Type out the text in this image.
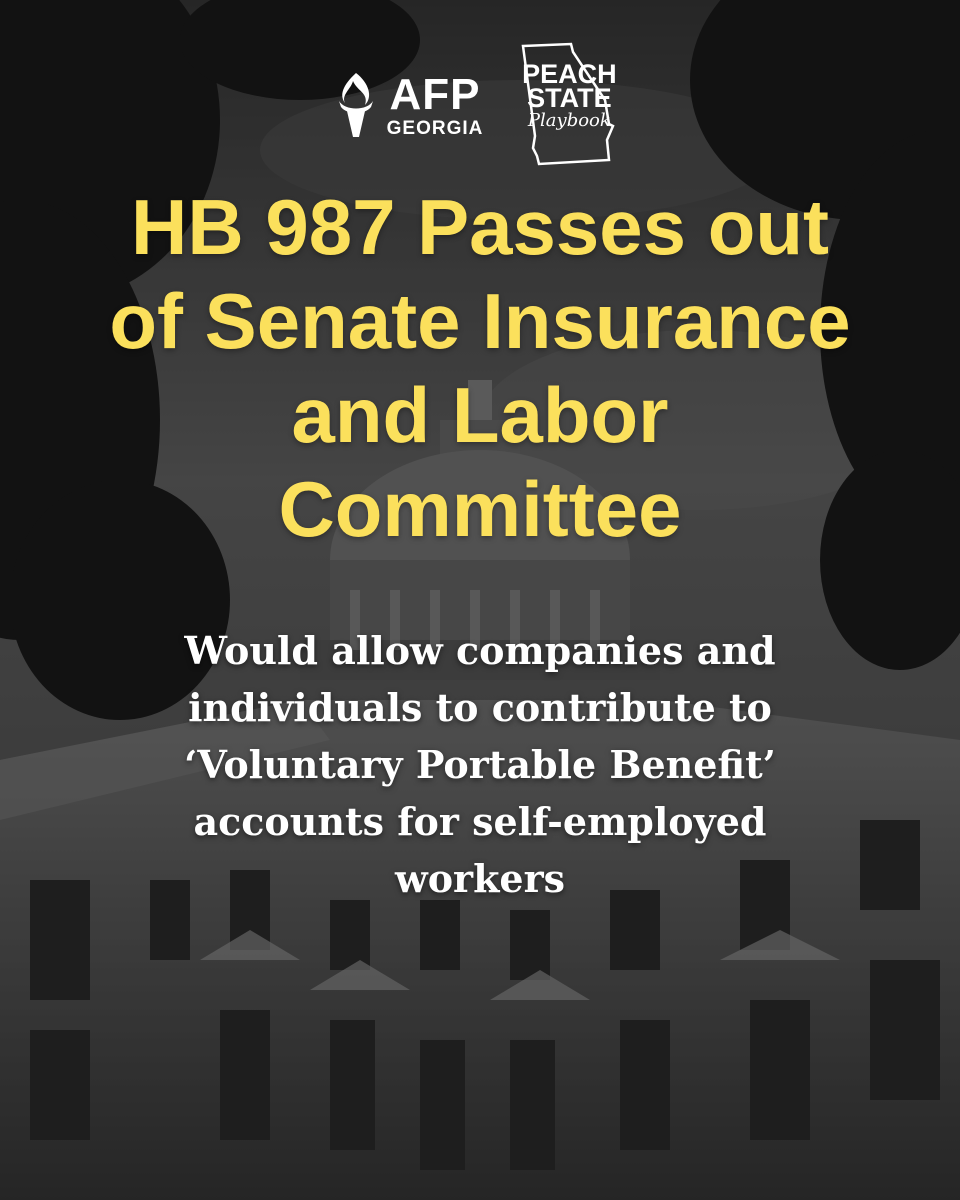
AFP
GEORGIA
PEACH
STATE
Playbook
HB 987 Passes out
of Senate Insurance
and Labor
Committee
Would allow companies and
individuals to contribute to
‘Voluntary Portable Benefit’
accounts for self-employed
workers
